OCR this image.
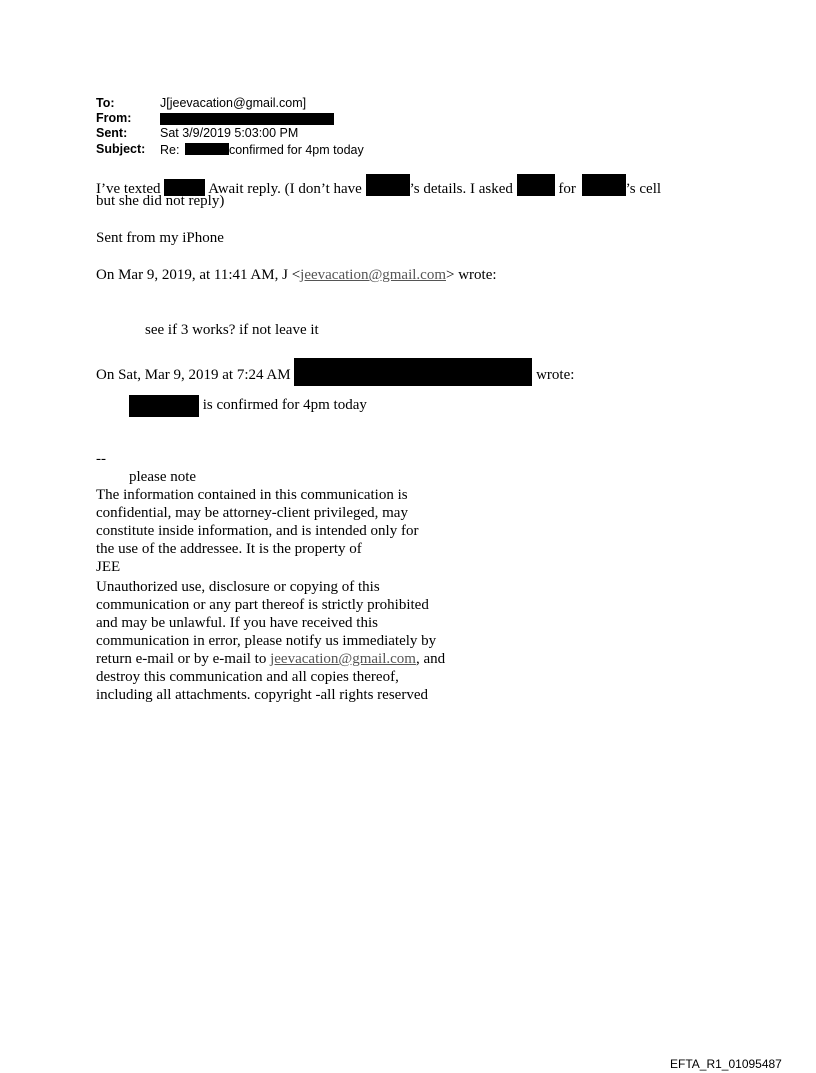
To:	J[jeevacation@gmail.com]
From:
Sent:	Sat 3/9/2019 5:03:00 PM
Subject: Re:	confirmed for 4pm today
I’ve texted	Await reply. (I don’t have	’s details. I asked	for	’s cell
but she did not reply)
Sent from my iPhone
On Mar 9, 2019, at 11:41 AM, J <jeevacation@gmail.com> wrote:
see if 3 works? if not leave it
On Sat, Mar 9, 2019 at 7:24 AM	wrote:
is confirmed for 4pm today
--
please note
The information contained in this communication is
confidential, may be attorney-client privileged, may
constitute inside information, and is intended only for
the use of the addressee. It is the property of
JEE
Unauthorized use, disclosure or copying of this
communication or any part thereof is strictly prohibited
and may be unlawful. If you have received this
communication in error, please notify us immediately by
return e-mail or by e-mail to jeevacation@gmail.com, and
destroy this communication and all copies thereof,
including all attachments. copyright -all rights reserved
EFTA_R1_01095487
